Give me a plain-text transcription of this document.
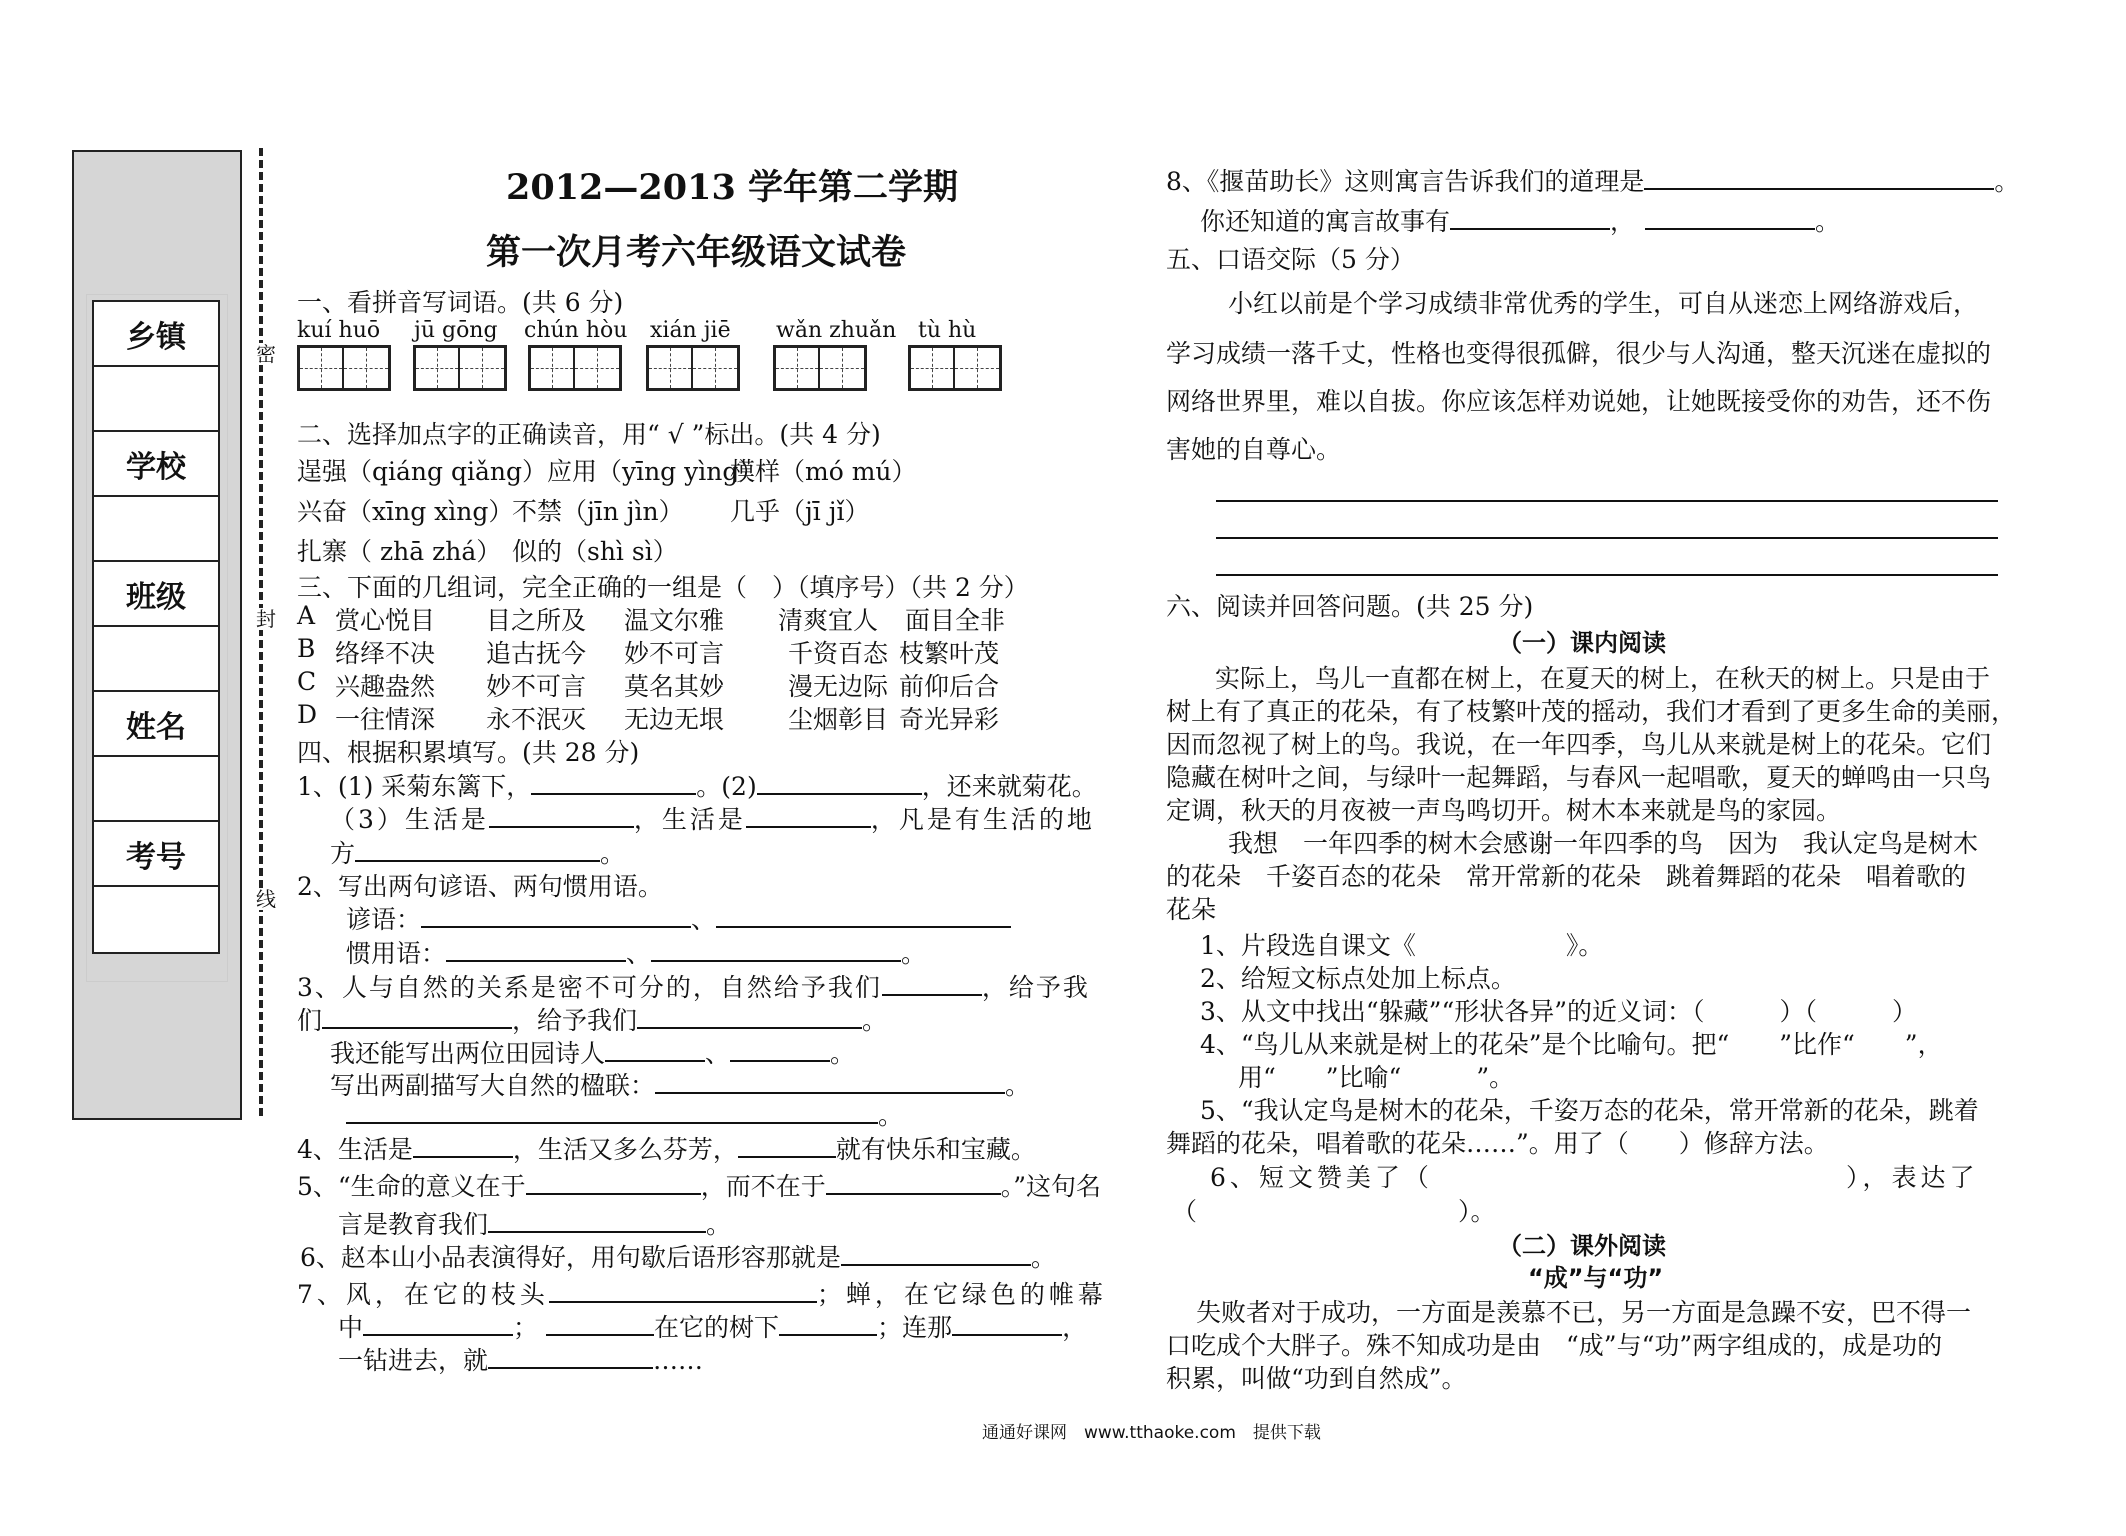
乡镇
学校
班级
姓名
考号
密
封
线
2012—2013 学年第二学期
第一次月考六年级语文试卷
一、看拼音写词语。(共 6 分)
kuí huō jū gōng chún hòu xián jiē wǎn zhuǎn tù hù
二、选择加点字的正确读音，用“ √ ”标出。(共 4 分)
逞强（qiáng qiǎng）应用（yīng yìng）
模样（mó mú）
兴奋（xīng xìng）
不禁（jīn jìn） 几乎（jī jǐ）
扎寨（ zhā zhá） 似的（shì sì）
三、下面的几组词，完全正确的一组是（　）（填序号）（共 2 分）
A 赏心悦目 目之所及 温文尔雅 清爽宜人 面目全非
B 络绎不决 追古抚今 妙不可言	千资百态 枝繁叶茂
C 兴趣盎然 妙不可言 莫名其妙	漫无边际 前仰后合
D 一往情深 永不泯灭 无边无垠	尘烟彰目 奇光异彩
四、根据积累填写。(共 28 分)
1、(1) 采菊东篱下，	。(2)	，还来就菊花。
（3）生活是	，生活是	，凡是有生活的地
方	。
2、写出两句谚语、两句惯用语。
谚语：	、
惯用语：	、	。
3、人与自然的关系是密不可分的，自然给予我们	，给予我
们	，给予我们	。
我还能写出两位田园诗人	、	。
写出两副描写大自然的楹联：	。
。
4、生活是	，生活又多么芬芳，	就有快乐和宝藏。
5、“生命的意义在于	，而不在于	。”这句名
言是教育我们	。
6、赵本山小品表演得好，用句歇后语形容那就是	。
7、风，在它的枝头	；蝉，在它绿色的帷幕
中	；	在它的树下	；连那	，
一钻进去，就	……
8、《揠苗助长》这则寓言告诉我们的道理是	。
你还知道的寓言故事有	，	。
五、口语交际（5 分）
小红以前是个学习成绩非常优秀的学生，可自从迷恋上网络游戏后，
学习成绩一落千丈，性格也变得很孤僻，很少与人沟通，整天沉迷在虚拟的
网络世界里，难以自拔。你应该怎样劝说她，让她既接受你的劝告，还不伤
害她的自尊心。
六、阅读并回答问题。(共 25 分)
（一）课内阅读
实际上，鸟儿一直都在树上，在夏天的树上，在秋天的树上。只是由于
树上有了真正的花朵，有了枝繁叶茂的摇动，我们才看到了更多生命的美丽，
因而忽视了树上的鸟。我说，在一年四季，鸟儿从来就是树上的花朵。它们
隐藏在树叶之间，与绿叶一起舞蹈，与春风一起唱歌，夏天的蝉鸣由一只鸟
定调，秋天的月夜被一声鸟鸣切开。树木本来就是鸟的家园。
我想　一年四季的树木会感谢一年四季的鸟　因为　我认定鸟是树木
的花朵　千姿百态的花朵　常开常新的花朵　跳着舞蹈的花朵　唱着歌的
花朵
1、片段选自课文《　　　　　　》。
2、给短文标点处加上标点。
3、从文中找出“躲藏”“形状各异”的近义词：（　　　）（　　　）
4、“鸟儿从来就是树上的花朵”是个比喻句。把“　　”比作“　　”，
用“　　”比喻“　　　”。
5、“我认定鸟是树木的花朵，千姿万态的花朵，常开常新的花朵，跳着
舞蹈的花朵，唱着歌的花朵……”。用了（　　）修辞方法。
6、短文赞美了（	），表达了
（	）。
（二）课外阅读
“成”与“功”
失败者对于成功，一方面是羡慕不已，另一方面是急躁不安，巴不得一
口吃成个大胖子。殊不知成功是由　“成”与“功”两字组成的，成是功的
积累，叫做“功到自然成”。
通通好课网　www.tthaoke.com　提供下载
